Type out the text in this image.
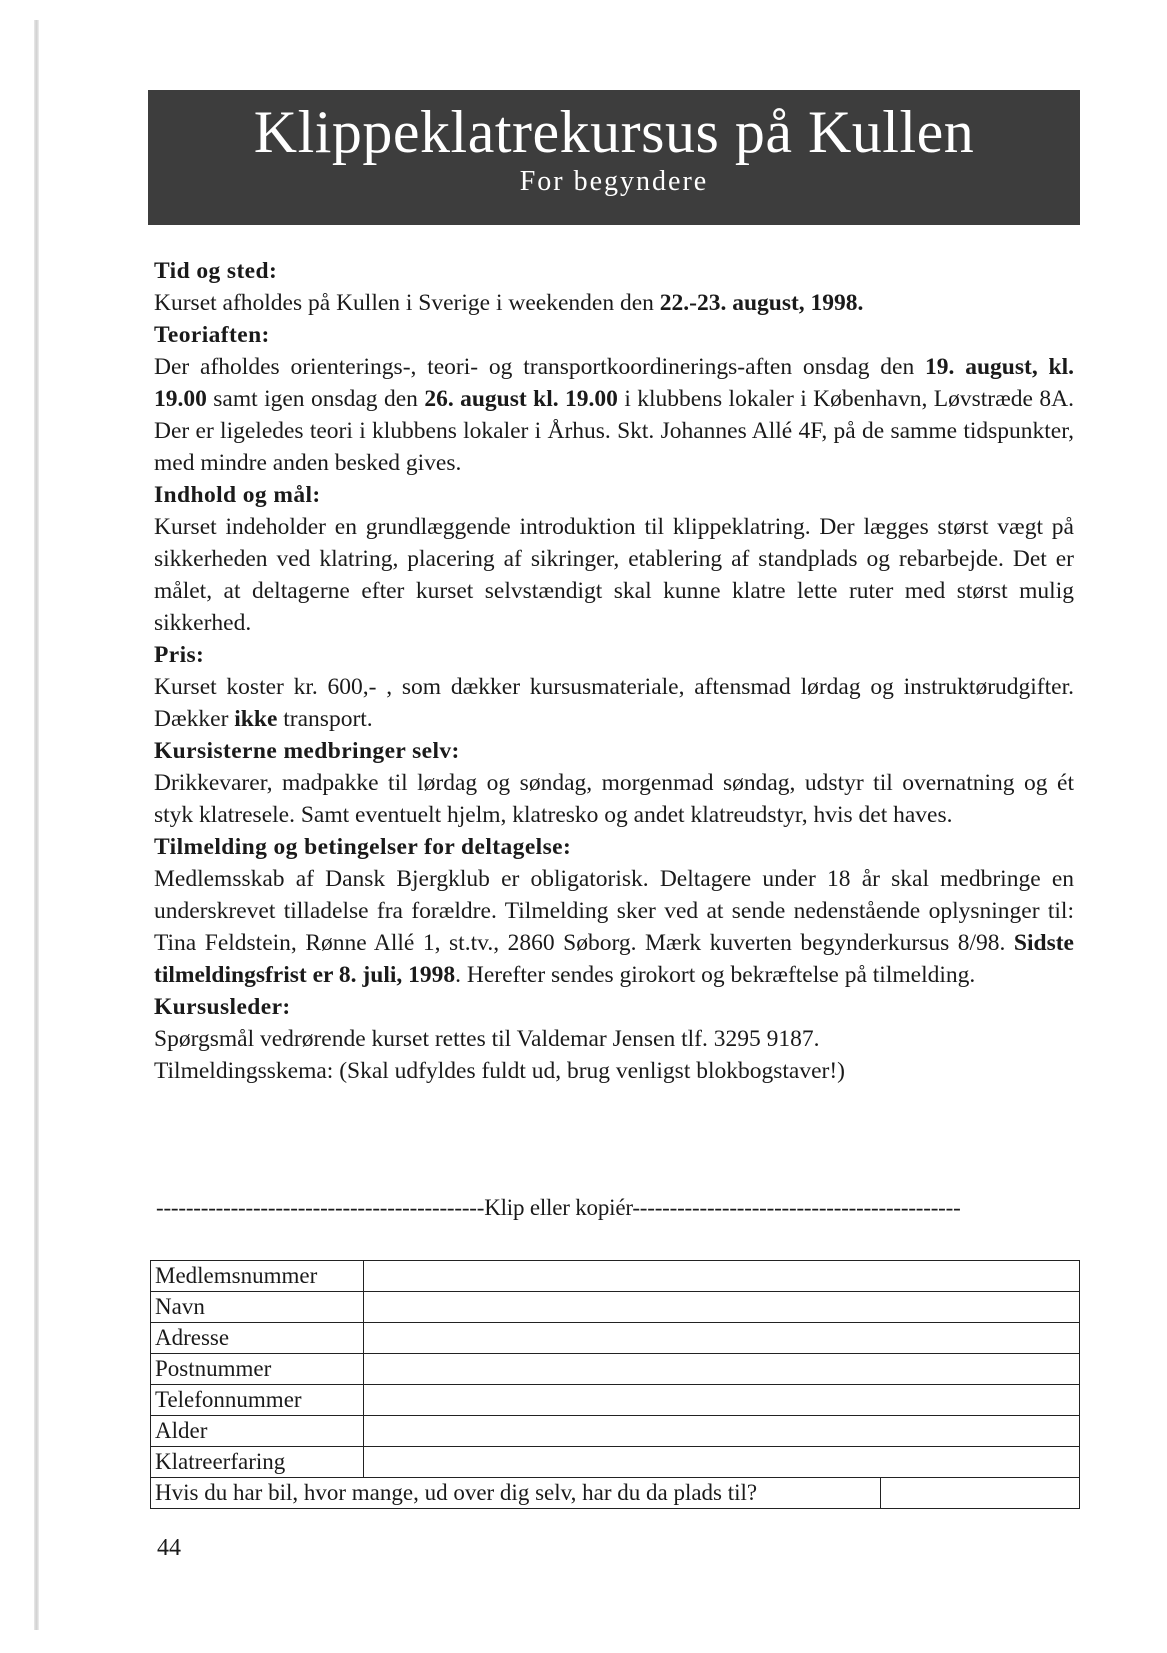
Klippeklatrekursus på Kullen
For begyndere
Tid og sted:
Kurset afholdes på Kullen i Sverige i weekenden den 22.-23. august, 1998.
Teoriaften:
Der afholdes orienterings-, teori- og transportkoordinerings-aften onsdag den 19. august, kl. 19.00 samt igen onsdag den 26. august kl. 19.00 i klubbens lokaler i København, Løvstræde 8A. Der er ligeledes teori i klubbens lokaler i Århus. Skt. Johannes Allé 4F, på de samme tidspunkter, med mindre anden besked gives.
Indhold og mål:
Kurset indeholder en grundlæggende introduktion til klippeklatring. Der lægges størst vægt på sikkerheden ved klatring, placering af sikringer, etablering af standplads og rebarbejde. Det er målet, at deltagerne efter kurset selvstændigt skal kunne klatre lette ruter med størst mulig sikkerhed.
Pris:
Kurset koster kr. 600,- , som dækker kursusmateriale, aftensmad lørdag og instruktørudgifter. Dækker ikke transport.
Kursisterne medbringer selv:
Drikkevarer, madpakke til lørdag og søndag, morgenmad søndag, udstyr til overnatning og ét styk klatresele. Samt eventuelt hjelm, klatresko og andet klatreudstyr, hvis det haves.
Tilmelding og betingelser for deltagelse:
Medlemsskab af Dansk Bjergklub er obligatorisk. Deltagere under 18 år skal medbringe en underskrevet tilladelse fra forældre. Tilmelding sker ved at sende nedenstående oplysninger til: Tina Feldstein, Rønne Allé 1, st.tv., 2860 Søborg. Mærk kuverten begynderkursus 8/98. Sidste tilmeldingsfrist er 8. juli, 1998. Herefter sendes girokort og bekræftelse på tilmelding.
Kursusleder:
Spørgsmål vedrørende kurset rettes til Valdemar Jensen tlf. 3295 9187.
Tilmeldingsskema: (Skal udfyldes fuldt ud, brug venligst blokbogstaver!)
--------------------------------------------Klip eller kopiér--------------------------------------------
Medlemsnummer		
Navn		
Adresse		
Postnummer		
Telefonnummer		
Alder		
Klatreerfaring		
Hvis du har bil, hvor mange, ud over dig selv, har du da plads til?		
44
